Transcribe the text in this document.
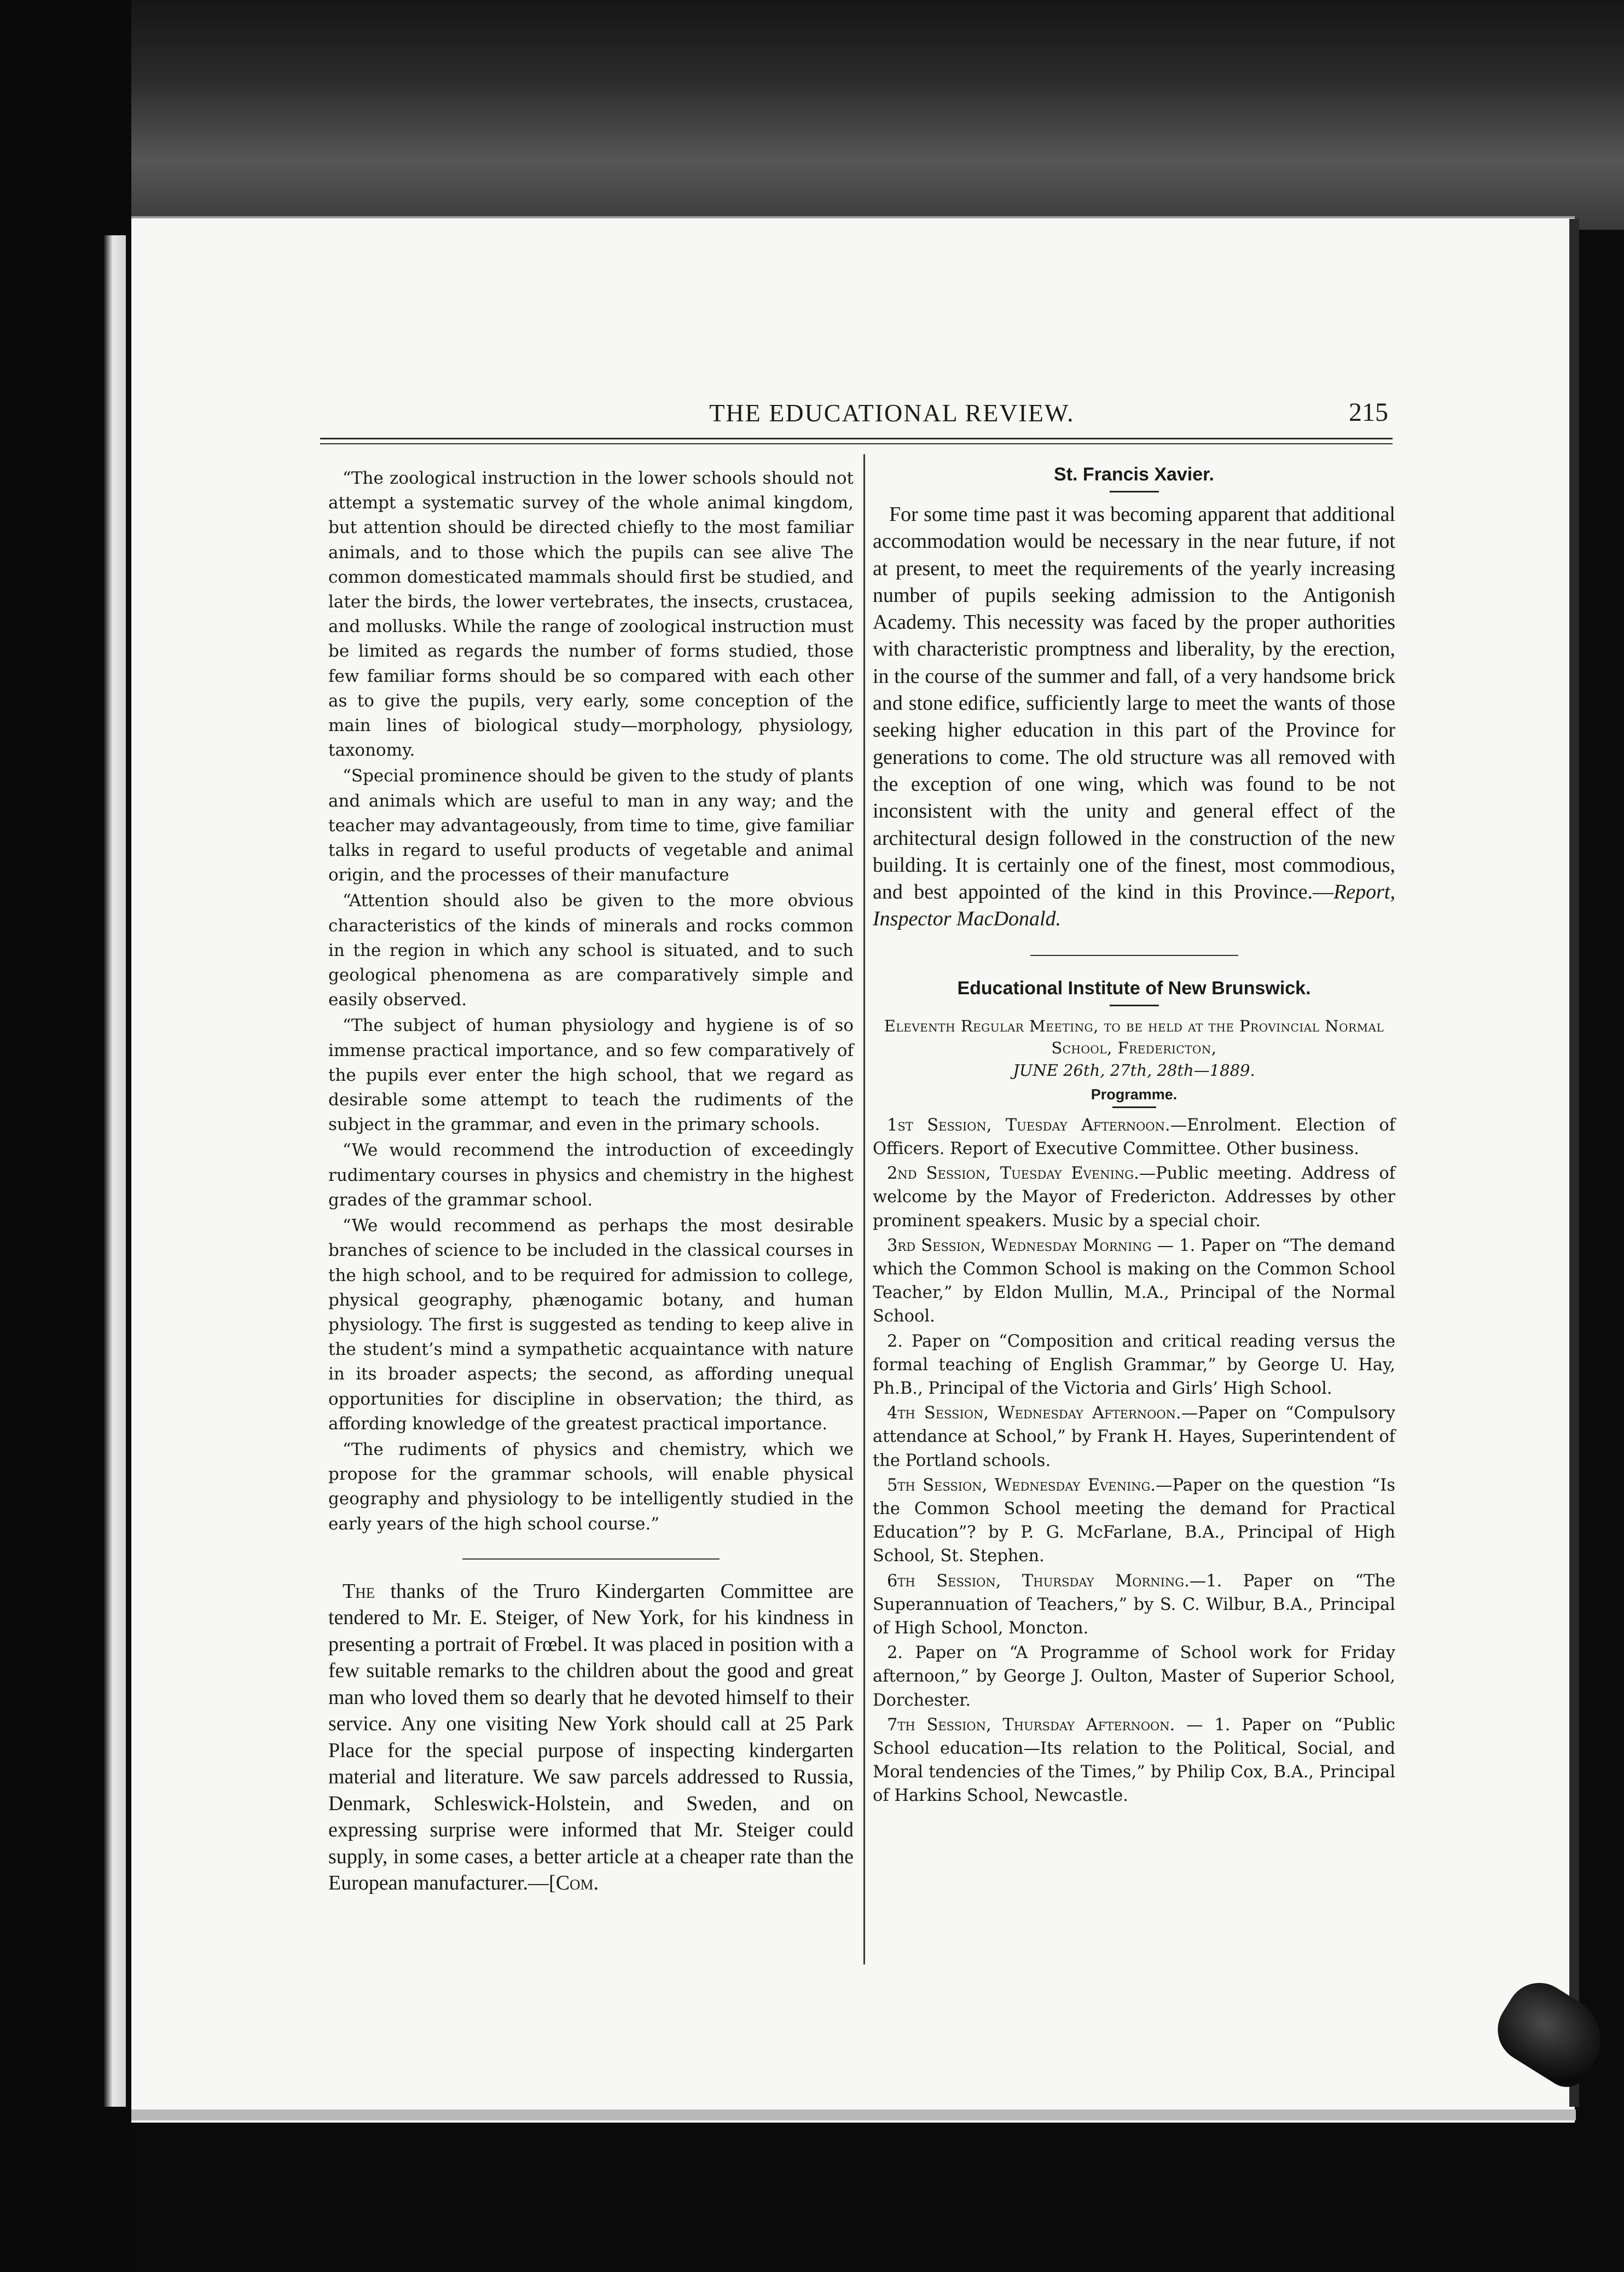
THE EDUCATIONAL REVIEW.	215

“The zoological instruction in the lower schools should not attempt a systematic survey of the whole animal kingdom, but attention should be directed chiefly to the most familiar animals, and to those which the pupils can see alive The common domesticated mammals should first be studied, and later the birds, the lower vertebrates, the insects, crustacea, and mollusks. While the range of zoological instruction must be limited as regards the number of forms studied, those few familiar forms should be so compared with each other as to give the pupils, very early, some conception of the main lines of biological study—morphology, physiology, taxonomy.

“Special prominence should be given to the study of plants and animals which are useful to man in any way; and the teacher may advantageously, from time to time, give familiar talks in regard to useful products of vegetable and animal origin, and the processes of their manufacture

“Attention should also be given to the more obvious characteristics of the kinds of minerals and rocks common in the region in which any school is situated, and to such geological phenomena as are comparatively simple and easily observed.

“The subject of human physiology and hygiene is of so immense practical importance, and so few comparatively of the pupils ever enter the high school, that we regard as desirable some attempt to teach the rudiments of the subject in the grammar, and even in the primary schools.

“We would recommend the introduction of exceedingly rudimentary courses in physics and chemistry in the highest grades of the grammar school.

“We would recommend as perhaps the most desirable branches of science to be included in the classical courses in the high school, and to be required for admission to college, physical geography, phænogamic botany, and human physiology. The first is suggested as tending to keep alive in the student’s mind a sympathetic acquaintance with nature in its broader aspects; the second, as affording unequal opportunities for discipline in observation; the third, as affording knowledge of the greatest practical importance.

“The rudiments of physics and chemistry, which we propose for the grammar schools, will enable physical geography and physiology to be intelligently studied in the early years of the high school course.”

The thanks of the Truro Kindergarten Committee are tendered to Mr. E. Steiger, of New York, for his kindness in presenting a portrait of Frœbel. It was placed in position with a few suitable remarks to the children about the good and great man who loved them so dearly that he devoted himself to their service. Any one visiting New York should call at 25 Park Place for the special purpose of inspecting kindergarten material and literature. We saw parcels addressed to Russia, Denmark, Schleswick-Holstein, and Sweden, and on expressing surprise were informed that Mr. Steiger could supply, in some cases, a better article at a cheaper rate than the European manufacturer.—[Com.

St. Francis Xavier.

For some time past it was becoming apparent that additional accommodation would be necessary in the near future, if not at present, to meet the requirements of the yearly increasing number of pupils seeking admission to the Antigonish Academy. This necessity was faced by the proper authorities with characteristic promptness and liberality, by the erection, in the course of the summer and fall, of a very handsome brick and stone edifice, sufficiently large to meet the wants of those seeking higher education in this part of the Province for generations to come. The old structure was all removed with the exception of one wing, which was found to be not inconsistent with the unity and general effect of the architectural design followed in the construction of the new building. It is certainly one of the finest, most commodious, and best appointed of the kind in this Province.—Report, Inspector MacDonald.

Educational Institute of New Brunswick.

Eleventh Regular Meeting, to be held at the Provincial Normal School, Fredericton,

JUNE 26th, 27th, 28th—1889.

Programme.

1st Session, Tuesday Afternoon.—Enrolment. Election of Officers. Report of Executive Committee. Other business.

2nd Session, Tuesday Evening.—Public meeting. Address of welcome by the Mayor of Fredericton. Addresses by other prominent speakers. Music by a special choir.

3rd Session, Wednesday Morning — 1. Paper on “The demand which the Common School is making on the Common School Teacher,” by Eldon Mullin, M.A., Principal of the Normal School.

2. Paper on “Composition and critical reading versus the formal teaching of English Grammar,” by George U. Hay, Ph.B., Principal of the Victoria and Girls’ High School.

4th Session, Wednesday Afternoon.—Paper on “Compulsory attendance at School,” by Frank H. Hayes, Superintendent of the Portland schools.

5th Session, Wednesday Evening.—Paper on the question “Is the Common School meeting the demand for Practical Education”? by P. G. McFarlane, B.A., Principal of High School, St. Stephen.

6th Session, Thursday Morning.—1. Paper on “The Superannuation of Teachers,” by S. C. Wilbur, B.A., Principal of High School, Moncton.

2. Paper on “A Programme of School work for Friday afternoon,” by George J. Oulton, Master of Superior School, Dorchester.

7th Session, Thursday Afternoon. — 1. Paper on “Public School education—Its relation to the Political, Social, and Moral tendencies of the Times,” by Philip Cox, B.A., Principal of Harkins School, Newcastle.
